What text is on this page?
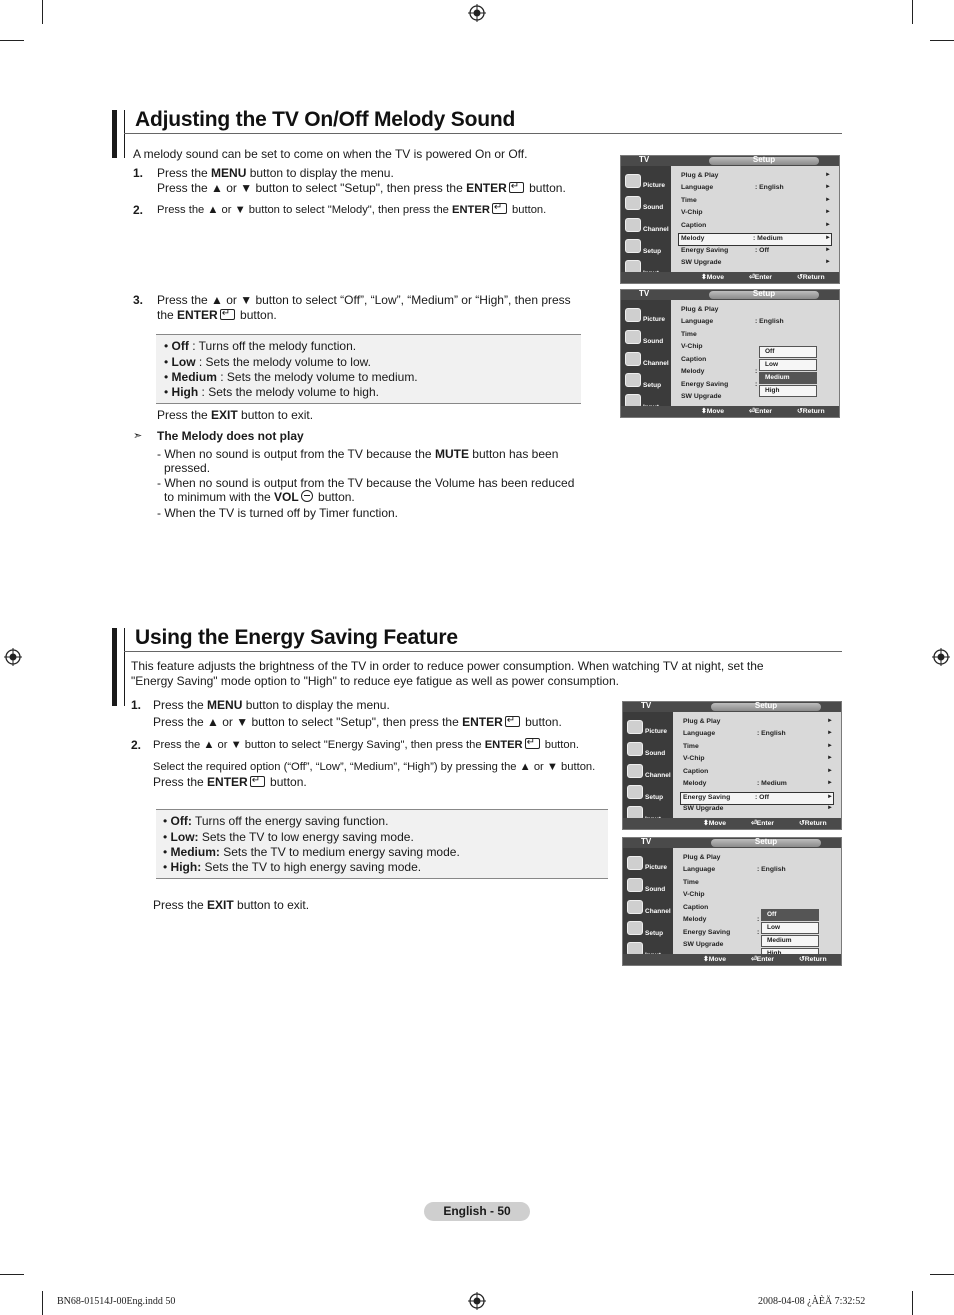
Adjusting the TV On/Off Melody Sound
A melody sound can be set to come on when the TV is powered On or Off.
1. Press the MENU button to display the menu.
Press the ▲ or ▼ button to select "Setup", then press the ENTER↵ button.
2. Press the ▲ or ▼ button to select "Melody", then press the ENTER↵ button.
3. Press the ▲ or ▼ button to select “Off”, “Low”, “Medium” or “High”, then press
the ENTER↵ button.
• Off : Turns off the melody function.
• Low : Sets the melody volume to low.
• Medium : Sets the melody volume to medium.
• High : Sets the melody volume to high.
Press the EXIT button to exit.
➣ The Melody does not play
- When no sound is output from the TV because the MUTE button has been
pressed.
- When no sound is output from the TV because the Volume has been reduced
to minimum with the VOL
button.
- When the TV is turned off by Timer function.
TV	Setup
Picture
Sound
Channel
Setup
Plug & Play	►
Language	: English	►
Time	►
V-Chip	►
Caption	►
Melody	: Medium	►
Energy Saving	: Off	►
SW Upgrade	►
⬍ Move	⏎ Enter	↺ Return
TV	Setup
Picture
Sound
Channel
Setup
Plug & Play
Language	: English
Time
V-Chip
Caption
Melody	:
Energy Saving	:
SW Upgrade
Off
Low
Medium
High
⬍ Move	⏎ Enter	↺ Return
Using the Energy Saving Feature
This feature adjusts the brightness of the TV in order to reduce power consumption. When watching TV at night, set the
"Energy Saving" mode option to "High" to reduce eye fatigue as well as power consumption.
1. Press the MENU button to display the menu.
Press the ▲ or ▼ button to select "Setup", then press the ENTER↵ button.
2. Press the ▲ or ▼ button to select "Energy Saving", then press the ENTER↵ button.
Select the required option (“Off”, “Low”, “Medium”, “High”) by pressing the ▲ or ▼ button.
Press the ENTER↵ button.
• Off: Turns off the energy saving function.
• Low: Sets the TV to low energy saving mode.
• Medium: Sets the TV to medium energy saving mode.
• High: Sets the TV to high energy saving mode.
Press the EXIT button to exit.
TV	Setup
Picture
Sound
Channel
Setup
Plug & Play	►
Language	: English	►
Time	►
V-Chip	►
Caption	►
Melody	: Medium	►
Energy Saving	: Off	►
SW Upgrade	►
⬍ Move	⏎ Enter	↺ Return
TV	Setup
Picture
Sound
Channel
Setup
Plug & Play
Language	: English
Time
V-Chip
Caption
Melody	:
Energy Saving	:
SW Upgrade
Off
Low
Medium
⬍ Move	⏎ Enter	↺ Return
English - 50
BN68-01514J-00Eng.indd 50	2008-04-08 ¿ÀÈÄ 7:32:52
